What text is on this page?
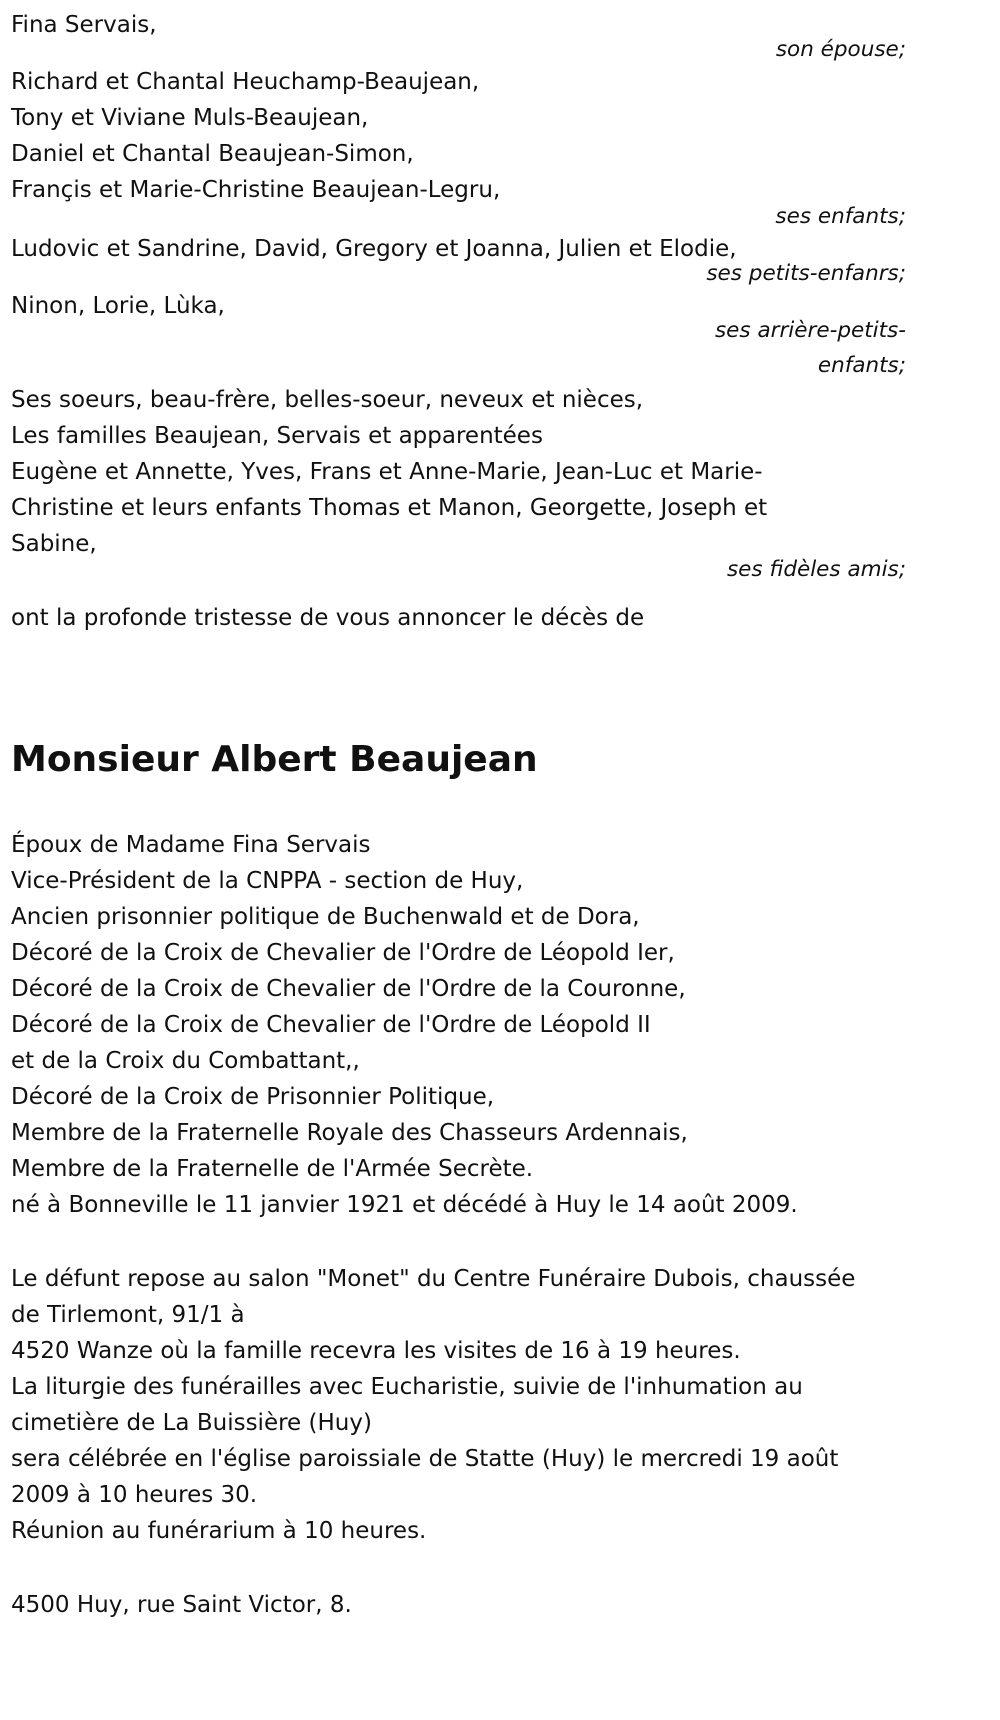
Fina Servais,

son épouse;

Richard et Chantal Heuchamp-Beaujean,

Tony et Viviane Muls-Beaujean,

Daniel et Chantal Beaujean-Simon,

Françis et Marie-Christine Beaujean-Legru,

ses enfants;

Ludovic et Sandrine, David, Gregory et Joanna, Julien et Elodie,

ses petits-enfanrs;

Ninon, Lorie, Lùka,

ses arrière-petits-

enfants;

Ses soeurs, beau-frère, belles-soeur, neveux et nièces,

Les familles Beaujean, Servais et apparentées

Eugène et Annette, Yves, Frans et Anne-Marie, Jean-Luc et Marie-

Christine et leurs enfants Thomas et Manon, Georgette, Joseph et

Sabine,

ses fidèles amis;

ont la profonde tristesse de vous annoncer le décès de

Monsieur Albert Beaujean

Époux de Madame Fina Servais

Vice-Président de la CNPPA - section de Huy,

Ancien prisonnier politique de Buchenwald et de Dora,

Décoré de la Croix de Chevalier de l'Ordre de Léopold Ier,

Décoré de la Croix de Chevalier de l'Ordre de la Couronne,

Décoré de la Croix de Chevalier de l'Ordre de Léopold II

et de la Croix du Combattant,,

Décoré de la Croix de Prisonnier Politique,

Membre de la Fraternelle Royale des Chasseurs Ardennais,

Membre de la Fraternelle de l'Armée Secrète.

né à Bonneville le 11 janvier 1921 et décédé à Huy le 14 août 2009.

Le défunt repose au salon "Monet" du Centre Funéraire Dubois, chaussée

de Tirlemont, 91/1 à

4520 Wanze où la famille recevra les visites de 16 à 19 heures.

La liturgie des funérailles avec Eucharistie, suivie de l'inhumation au

cimetière de La Buissière (Huy)

sera célébrée en l'église paroissiale de Statte (Huy) le mercredi 19 août

2009 à 10 heures 30.

Réunion au funérarium à 10 heures.

4500 Huy, rue Saint Victor, 8.
